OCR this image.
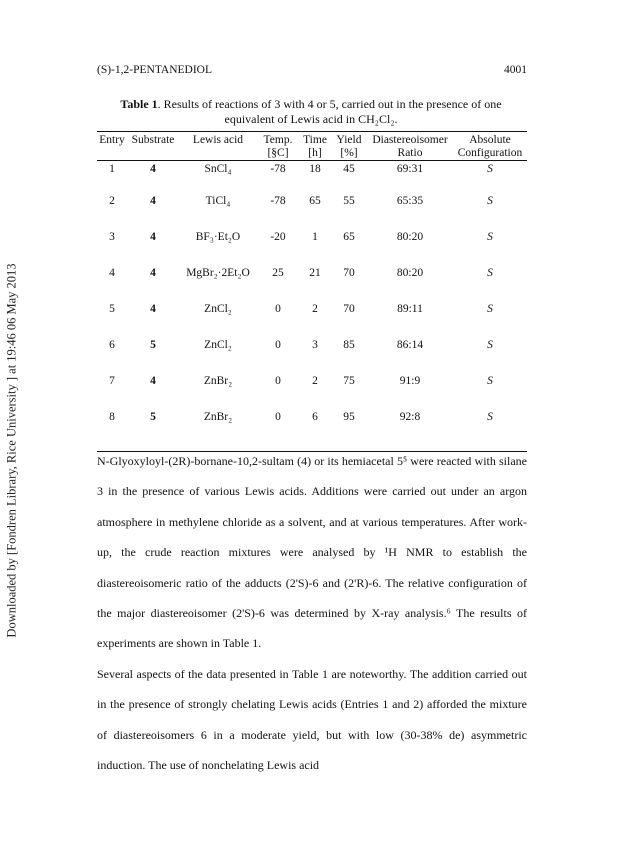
Downloaded by [Fondren Library, Rice University ] at 19:46 06 May 2013
(S)-1,2-PENTANEDIOL	4001
Table 1. Results of reactions of 3 with 4 or 5, carried out in the presence of one equivalent of Lewis acid in CH₂Cl₂.
Entry	Substrate	Lewis acid	Temp.	Time	Yield	Diastereoisomer	Absolute
			[§C]	[h]	[%]	Ratio	Configuration
1	4	SnCl₄	-78	18	45	69:31	S
2	4	TiCl₄	-78	65	55	65:35	S
3	4	BF₃·Et₂O	-20	1	65	80:20	S
4	4	MgBr₂·2Et₂O	25	21	70	80:20	S
5	4	ZnCl₂	0	2	70	89:11	S
6	5	ZnCl₂	0	3	85	86:14	S
7	4	ZnBr₂	0	2	75	91:9	S
8	5	ZnBr₂	0	6	95	92:8	S

N-Glyoxyloyl-(2R)-bornane-10,2-sultam (4) or its hemiacetal 5⁵ were reacted with silane 3 in the presence of various Lewis acids. Additions were carried out under an argon atmosphere in methylene chloride as a solvent, and at various temperatures. After work-up, the crude reaction mixtures were analysed by ¹H NMR to establish the diastereoisomeric ratio of the adducts (2'S)-6 and (2'R)-6. The relative configuration of the major diastereoisomer (2'S)-6 was determined by X-ray analysis.⁶ The results of experiments are shown in Table 1.

Several aspects of the data presented in Table 1 are noteworthy. The addition carried out in the presence of strongly chelating Lewis acids (Entries 1 and 2) afforded the mixture of diastereoisomers 6 in a moderate yield, but with low (30-38% de) asymmetric induction. The use of nonchelating Lewis acid
